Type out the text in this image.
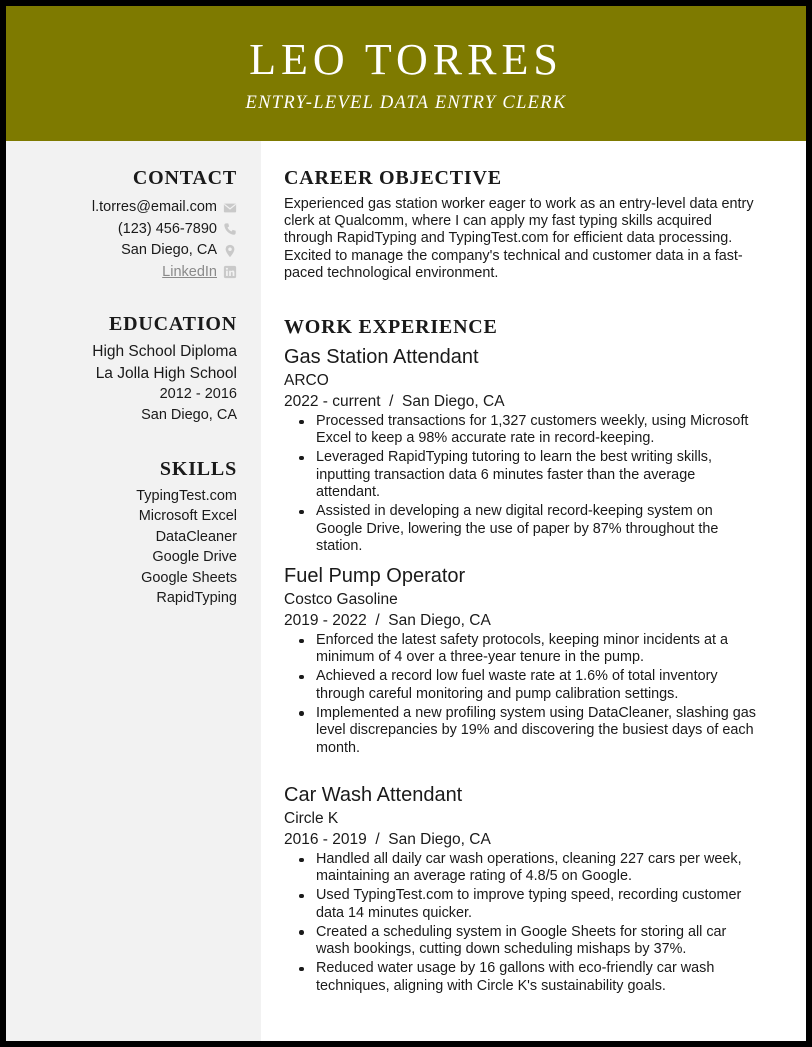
LEO TORRES
ENTRY-LEVEL DATA ENTRY CLERK
CONTACT
l.torres@email.com
(123) 456-7890
San Diego, CA
LinkedIn
EDUCATION
High School Diploma
La Jolla High School
2012 - 2016
San Diego, CA
SKILLS
TypingTest.com
Microsoft Excel
DataCleaner
Google Drive
Google Sheets
RapidTyping
CAREER OBJECTIVE
Experienced gas station worker eager to work as an entry-level data entry clerk at Qualcomm, where I can apply my fast typing skills acquired through RapidTyping and TypingTest.com for efficient data processing. Excited to manage the company's technical and customer data in a fast-paced technological environment.
WORK EXPERIENCE
Gas Station Attendant
ARCO
2022 - current  /  San Diego, CA
Processed transactions for 1,327 customers weekly, using Microsoft Excel to keep a 98% accurate rate in record-keeping.
Leveraged RapidTyping tutoring to learn the best writing skills, inputting transaction data 6 minutes faster than the average attendant.
Assisted in developing a new digital record-keeping system on Google Drive, lowering the use of paper by 87% throughout the station.
Fuel Pump Operator
Costco Gasoline
2019 - 2022  /  San Diego, CA
Enforced the latest safety protocols, keeping minor incidents at a minimum of 4 over a three-year tenure in the pump.
Achieved a record low fuel waste rate at 1.6% of total inventory through careful monitoring and pump calibration settings.
Implemented a new profiling system using DataCleaner, slashing gas level discrepancies by 19% and discovering the busiest days of each month.
Car Wash Attendant
Circle K
2016 - 2019  /  San Diego, CA
Handled all daily car wash operations, cleaning 227 cars per week, maintaining an average rating of 4.8/5 on Google.
Used TypingTest.com to improve typing speed, recording customer data 14 minutes quicker.
Created a scheduling system in Google Sheets for storing all car wash bookings, cutting down scheduling mishaps by 37%.
Reduced water usage by 16 gallons with eco-friendly car wash techniques, aligning with Circle K's sustainability goals.
